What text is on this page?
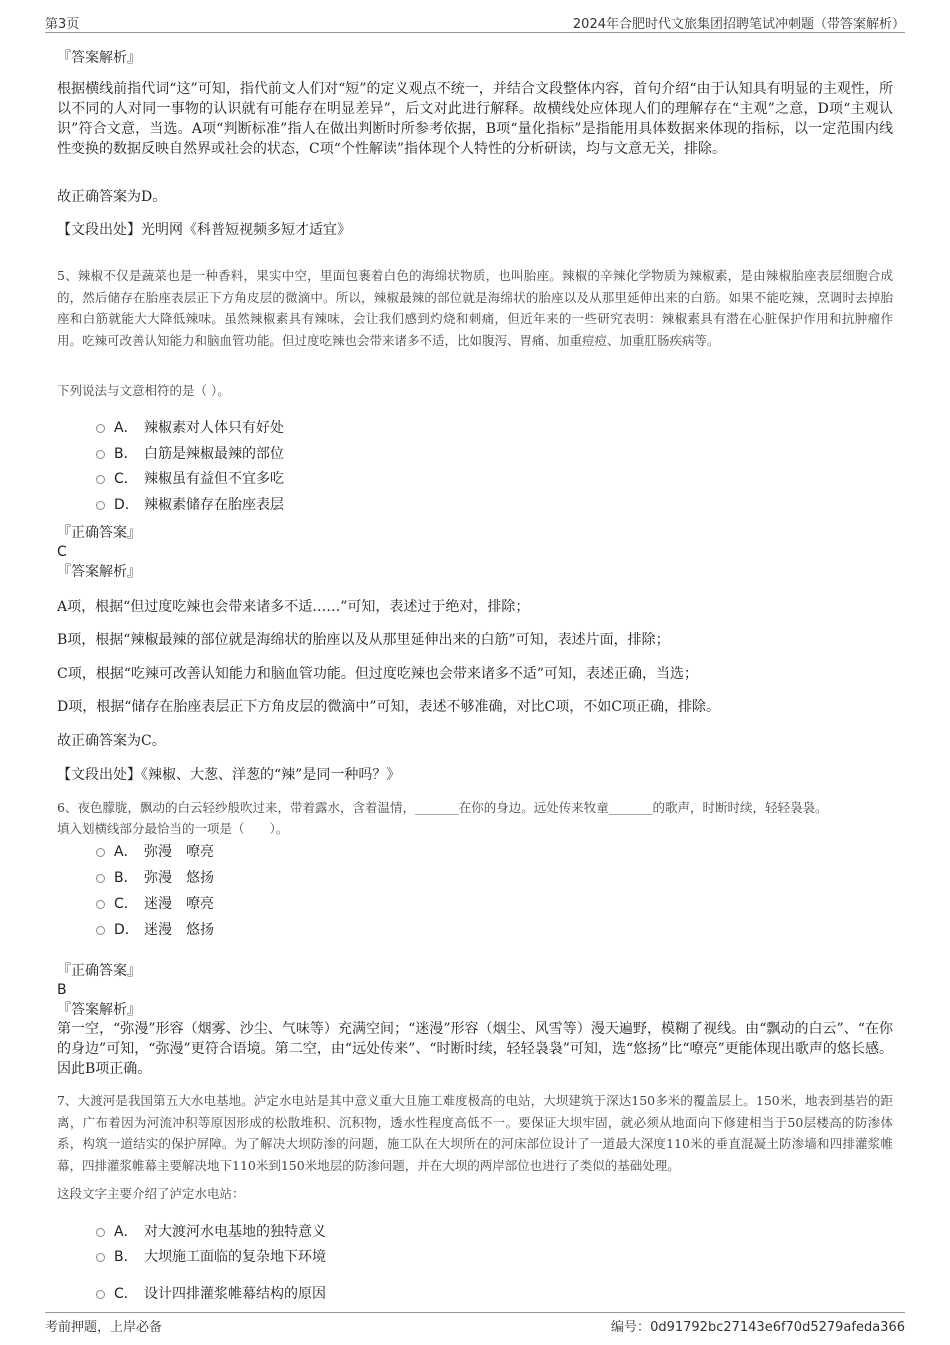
第3页	2024年合肥时代文旅集团招聘笔试冲刺题（带答案解析）
『答案解析』
根据横线前指代词“这”可知，指代前文人们对“短”的定义观点不统一，并结合文段整体内容，首句介绍“由于认知具有明显的主观性，所以不同的人对同一事物的认识就有可能存在明显差异”，后文对此进行解释。故横线处应体现人们的理解存在“主观”之意，D项“主观认识”符合文意，当选。A项“判断标准”指人在做出判断时所参考依据，B项“量化指标”是指能用具体数据来体现的指标，以一定范围内线性变换的数据反映自然界或社会的状态，C项“个性解读”指体现个人特性的分析研读，均与文意无关，排除。
故正确答案为D。
【文段出处】光明网《科普短视频多短才适宜》
5、辣椒不仅是蔬菜也是一种香料，果实中空，里面包裹着白色的海绵状物质，也叫胎座。辣椒的辛辣化学物质为辣椒素，是由辣椒胎座表层细胞合成的，然后储存在胎座表层正下方角皮层的微滴中。所以，辣椒最辣的部位就是海绵状的胎座以及从那里延伸出来的白筋。如果不能吃辣，烹调时去掉胎座和白筋就能大大降低辣味。虽然辣椒素具有辣味，会让我们感到灼烧和刺痛，但近年来的一些研究表明：辣椒素具有潜在心脏保护作用和抗肿瘤作用。吃辣可改善认知能力和脑血管功能。但过度吃辣也会带来诸多不适，比如腹泻、胃痛、加重痘痘、加重肛肠疾病等。
下列说法与文意相符的是（ ）。
A． 辣椒素对人体只有好处
B． 白筋是辣椒最辣的部位
C． 辣椒虽有益但不宜多吃
D． 辣椒素储存在胎座表层
『正确答案』
C
『答案解析』
A项，根据“但过度吃辣也会带来诸多不适……”可知，表述过于绝对，排除；
B项，根据“辣椒最辣的部位就是海绵状的胎座以及从那里延伸出来的白筋”可知，表述片面，排除；
C项，根据“吃辣可改善认知能力和脑血管功能。但过度吃辣也会带来诸多不适”可知，表述正确，当选；
D项，根据“储存在胎座表层正下方角皮层的微滴中”可知，表述不够准确，对比C项，不如C项正确，排除。
故正确答案为C。
【文段出处】《辣椒、大葱、洋葱的“辣”是同一种吗？》
6、夜色朦胧，飘动的白云轻纱般吹过来，带着露水，含着温情，_______在你的身边。远处传来牧童_______的歌声，时断时续，轻轻袅袅。
填入划横线部分最恰当的一项是（　　）。
A． 弥漫　嘹亮
B． 弥漫　悠扬
C． 迷漫　嘹亮
D． 迷漫　悠扬
『正确答案』
B
『答案解析』
第一空，“弥漫”形容（烟雾、沙尘、气味等）充满空间；“迷漫”形容（烟尘、风雪等）漫天遍野，模糊了视线。由“飘动的白云”、“在你的身边”可知，“弥漫”更符合语境。第二空，由“远处传来”、“时断时续，轻轻袅袅”可知，选“悠扬”比“嘹亮”更能体现出歌声的悠长感。因此B项正确。
7、大渡河是我国第五大水电基地。泸定水电站是其中意义重大且施工难度极高的电站，大坝建筑于深达150多米的覆盖层上。150米，地表到基岩的距离，广布着因为河流冲积等原因形成的松散堆积、沉积物，透水性程度高低不一。要保证大坝牢固，就必须从地面向下修建相当于50层楼高的防渗体系，构筑一道结实的保护屏障。为了解决大坝防渗的问题，施工队在大坝所在的河床部位设计了一道最大深度110米的垂直混凝土防渗墙和四排灌浆帷幕，四排灌浆帷幕主要解决地下110米到150米地层的防渗问题，并在大坝的两岸部位也进行了类似的基础处理。
这段文字主要介绍了泸定水电站：
A． 对大渡河水电基地的独特意义
B． 大坝施工面临的复杂地下环境
C． 设计四排灌浆帷幕结构的原因
考前押题，上岸必备	编号：0d91792bc27143e6f70d5279afeda366
